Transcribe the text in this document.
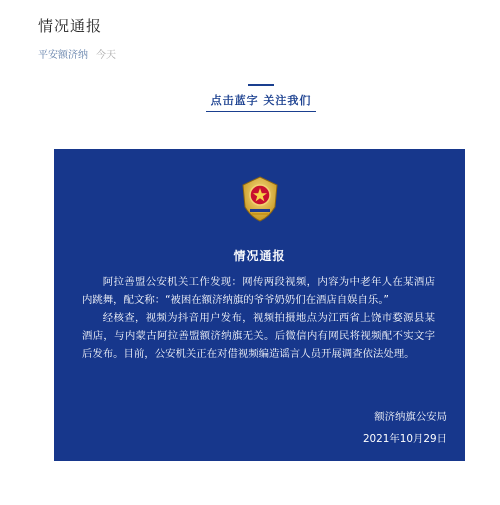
情况通报
平安额济纳 今天
点击蓝字 关注我们
情况通报

阿拉善盟公安机关工作发现：网传两段视频，内容为中老年人在某酒店内跳舞，配文称：“被困在额济纳旗的爷爷奶奶们在酒店自娱自乐。”

经核查，视频为抖音用户发布，视频拍摄地点为江西省上饶市婺源县某酒店，与内蒙古阿拉善盟额济纳旗无关。后微信内有网民将视频配不实文字后发布。目前，公安机关正在对借视频编造谣言人员开展调查依法处理。

额济纳旗公安局
2021年10月29日
